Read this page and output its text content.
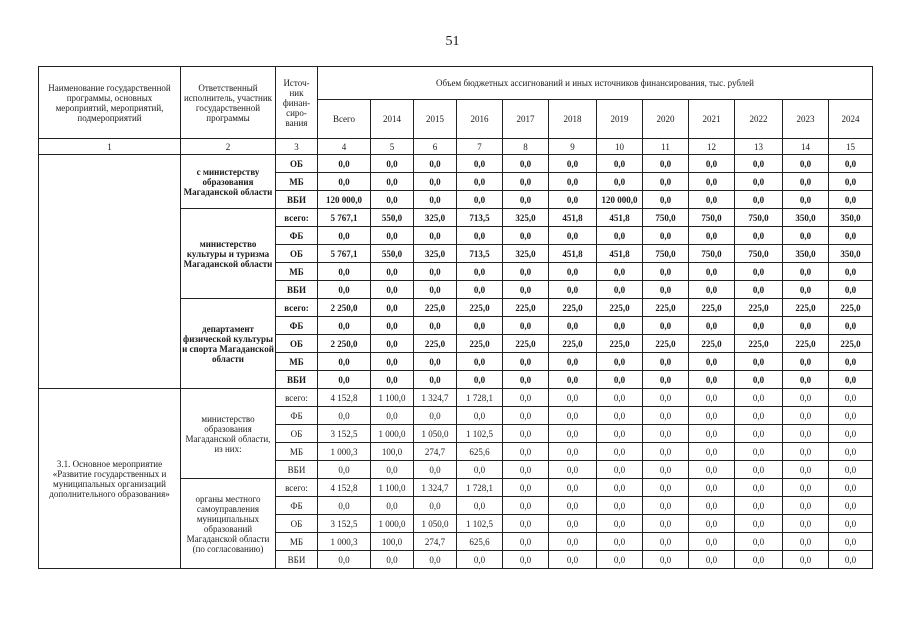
51
Наименование государственной программы, основных мероприятий, мероприятий, подмероприятий	Ответственный исполнитель, участник государственной программы	Источ-ник финан-сиро-вания	Объем бюджетных ассигнований и иных источников финансирования, тыс. рублей											
			Всего	2014	2015	2016	2017	2018	2019	2020	2021	2022	2023	2024
1	2	3	4	5	6	7	8	9	10	11	12	13	14	15
	с министерству образования Магаданской области	ОБ	0,0	0,0	0,0	0,0	0,0	0,0	0,0	0,0	0,0	0,0	0,0	0,0
		МБ	0,0	0,0	0,0	0,0	0,0	0,0	0,0	0,0	0,0	0,0	0,0	0,0
		ВБИ	120 000,0	0,0	0,0	0,0	0,0	0,0	120 000,0	0,0	0,0	0,0	0,0	0,0
	министерство культуры и туризма Магаданской области	всего:	5 767,1	550,0	325,0	713,5	325,0	451,8	451,8	750,0	750,0	750,0	350,0	350,0
		ФБ	0,0	0,0	0,0	0,0	0,0	0,0	0,0	0,0	0,0	0,0	0,0	0,0
		ОБ	5 767,1	550,0	325,0	713,5	325,0	451,8	451,8	750,0	750,0	750,0	350,0	350,0
		МБ	0,0	0,0	0,0	0,0	0,0	0,0	0,0	0,0	0,0	0,0	0,0	0,0
		ВБИ	0,0	0,0	0,0	0,0	0,0	0,0	0,0	0,0	0,0	0,0	0,0	0,0
	департамент физической культуры и спорта Магаданской области	всего:	2 250,0	0,0	225,0	225,0	225,0	225,0	225,0	225,0	225,0	225,0	225,0	225,0
		ФБ	0,0	0,0	0,0	0,0	0,0	0,0	0,0	0,0	0,0	0,0	0,0	0,0
		ОБ	2 250,0	0,0	225,0	225,0	225,0	225,0	225,0	225,0	225,0	225,0	225,0	225,0
		МБ	0,0	0,0	0,0	0,0	0,0	0,0	0,0	0,0	0,0	0,0	0,0	0,0
		ВБИ	0,0	0,0	0,0	0,0	0,0	0,0	0,0	0,0	0,0	0,0	0,0	0,0
3.1. Основное мероприятие «Развитие государственных и муниципальных организаций дополнительного образования»	министерство образования Магаданской области, из них:	всего:	4 152,8	1 100,0	1 324,7	1 728,1	0,0	0,0	0,0	0,0	0,0	0,0	0,0	0,0
		ФБ	0,0	0,0	0,0	0,0	0,0	0,0	0,0	0,0	0,0	0,0	0,0	0,0
		ОБ	3 152,5	1 000,0	1 050,0	1 102,5	0,0	0,0	0,0	0,0	0,0	0,0	0,0	0,0
		МБ	1 000,3	100,0	274,7	625,6	0,0	0,0	0,0	0,0	0,0	0,0	0,0	0,0
		ВБИ	0,0	0,0	0,0	0,0	0,0	0,0	0,0	0,0	0,0	0,0	0,0	0,0
	органы местного самоуправления муниципальных образований Магаданской области (по согласованию)	всего:	4 152,8	1 100,0	1 324,7	1 728,1	0,0	0,0	0,0	0,0	0,0	0,0	0,0	0,0
		ФБ	0,0	0,0	0,0	0,0	0,0	0,0	0,0	0,0	0,0	0,0	0,0	0,0
		ОБ	3 152,5	1 000,0	1 050,0	1 102,5	0,0	0,0	0,0	0,0	0,0	0,0	0,0	0,0
		МБ	1 000,3	100,0	274,7	625,6	0,0	0,0	0,0	0,0	0,0	0,0	0,0	0,0
		ВБИ	0,0	0,0	0,0	0,0	0,0	0,0	0,0	0,0	0,0	0,0	0,0	0,0
